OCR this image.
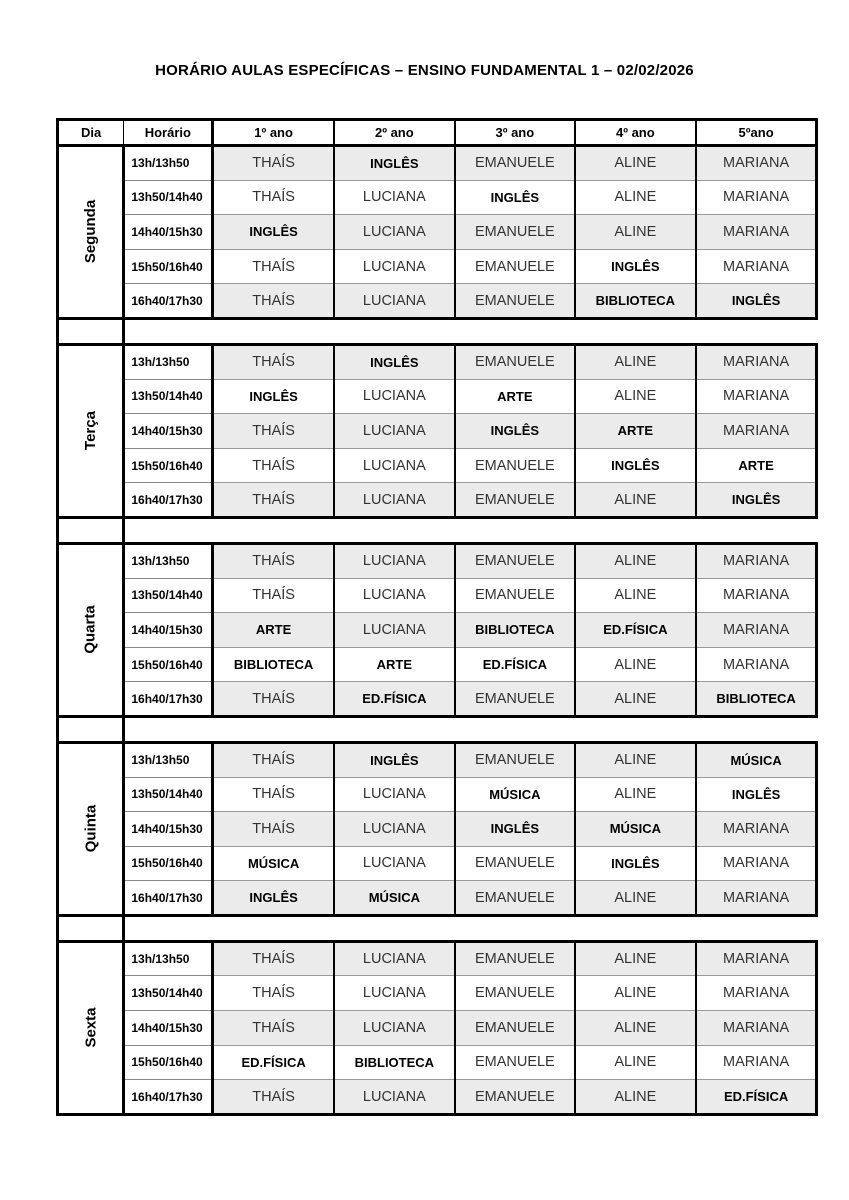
HORÁRIO AULAS ESPECÍFICAS – ENSINO FUNDAMENTAL 1 – 02/02/2026
Dia	Horário	1º ano	2º ano	3º ano	4º ano	5ºano
Segunda	13h/13h50	THAÍS	INGLÊS	EMANUELE	ALINE	MARIANA
	13h50/14h40	THAÍS	LUCIANA	INGLÊS	ALINE	MARIANA
	14h40/15h30	INGLÊS	LUCIANA	EMANUELE	ALINE	MARIANA
	15h50/16h40	THAÍS	LUCIANA	EMANUELE	INGLÊS	MARIANA
	16h40/17h30	THAÍS	LUCIANA	EMANUELE	BIBLIOTECA	INGLÊS

Terça	13h/13h50	THAÍS	INGLÊS	EMANUELE	ALINE	MARIANA
	13h50/14h40	INGLÊS	LUCIANA	ARTE	ALINE	MARIANA
	14h40/15h30	THAÍS	LUCIANA	INGLÊS	ARTE	MARIANA
	15h50/16h40	THAÍS	LUCIANA	EMANUELE	INGLÊS	ARTE
	16h40/17h30	THAÍS	LUCIANA	EMANUELE	ALINE	INGLÊS

Quarta	13h/13h50	THAÍS	LUCIANA	EMANUELE	ALINE	MARIANA
	13h50/14h40	THAÍS	LUCIANA	EMANUELE	ALINE	MARIANA
	14h40/15h30	ARTE	LUCIANA	BIBLIOTECA	ED.FÍSICA	MARIANA
	15h50/16h40	BIBLIOTECA	ARTE	ED.FÍSICA	ALINE	MARIANA
	16h40/17h30	THAÍS	ED.FÍSICA	EMANUELE	ALINE	BIBLIOTECA

Quinta	13h/13h50	THAÍS	INGLÊS	EMANUELE	ALINE	MÚSICA
	13h50/14h40	THAÍS	LUCIANA	MÚSICA	ALINE	INGLÊS
	14h40/15h30	THAÍS	LUCIANA	INGLÊS	MÚSICA	MARIANA
	15h50/16h40	MÚSICA	LUCIANA	EMANUELE	INGLÊS	MARIANA
	16h40/17h30	INGLÊS	MÚSICA	EMANUELE	ALINE	MARIANA

Sexta	13h/13h50	THAÍS	LUCIANA	EMANUELE	ALINE	MARIANA
	13h50/14h40	THAÍS	LUCIANA	EMANUELE	ALINE	MARIANA
	14h40/15h30	THAÍS	LUCIANA	EMANUELE	ALINE	MARIANA
	15h50/16h40	ED.FÍSICA	BIBLIOTECA	EMANUELE	ALINE	MARIANA
	16h40/17h30	THAÍS	LUCIANA	EMANUELE	ALINE	ED.FÍSICA
